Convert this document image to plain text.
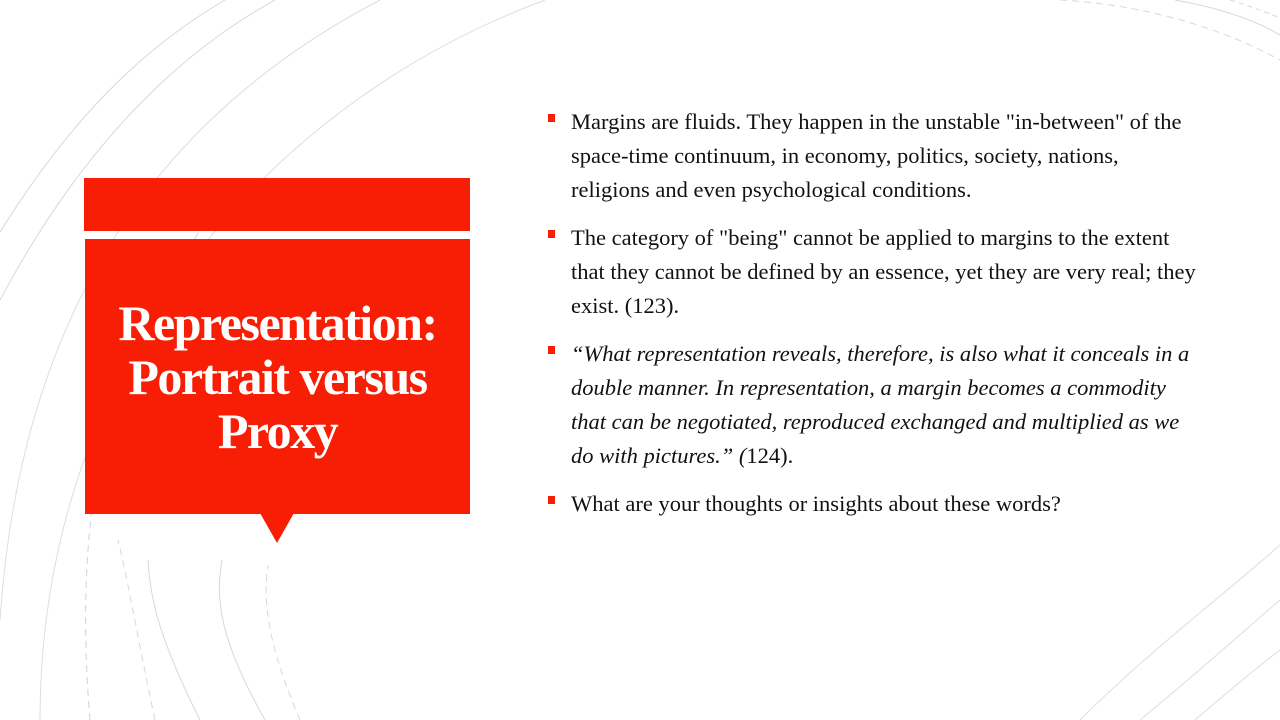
Representation: Portrait versus Proxy
Margins are fluids. They happen in the unstable "in-between" of the space-time continuum, in economy, politics, society, nations, religions and even psychological conditions.
The category of "being" cannot be applied to margins to the extent that they cannot be defined by an essence, yet they are very real; they exist. (123).
“What representation reveals, therefore, is also what it conceals in a double manner. In representation, a margin becomes a commodity that can be negotiated, reproduced exchanged and multiplied as we do with pictures.” (124).
What are your thoughts or insights about these words?
